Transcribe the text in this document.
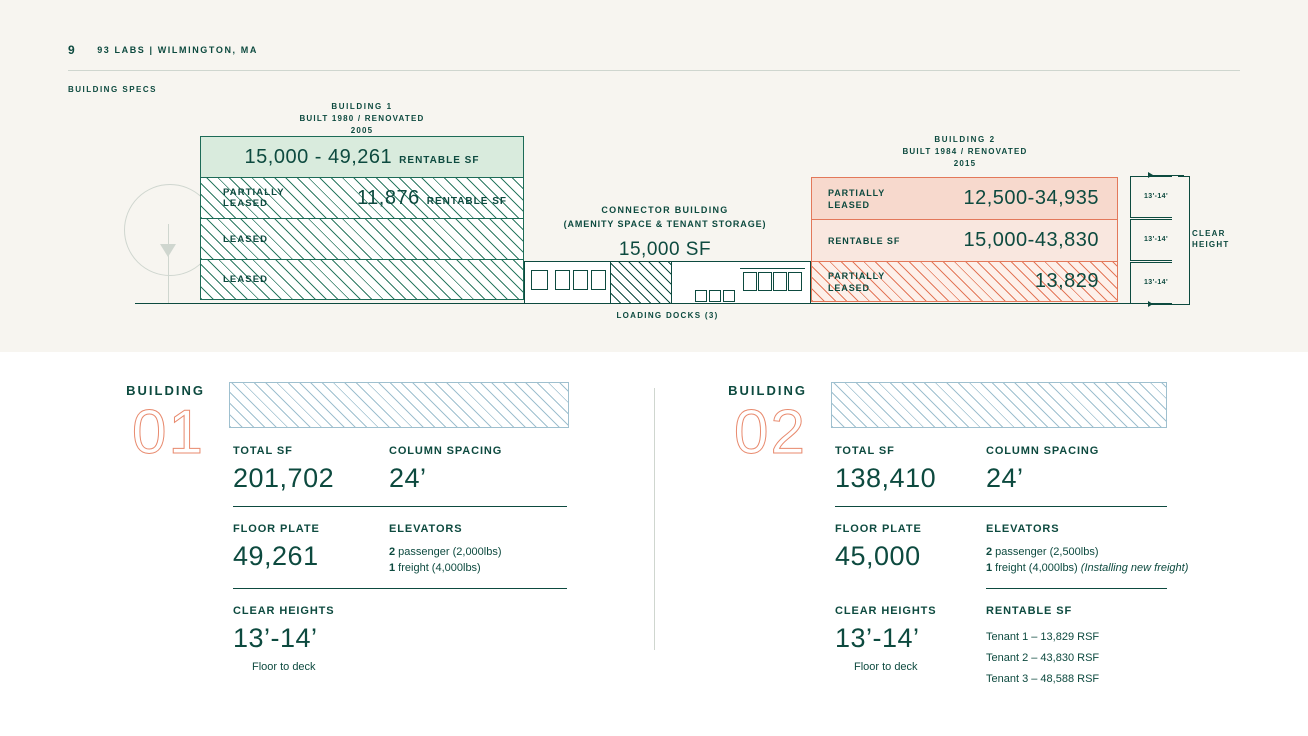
9 93 LABS | WILMINGTON, MA
BUILDING SPECS
BUILDING 1
BUILT 1980 / RENOVATED 2005
BUILDING 2
BUILT 1984 / RENOVATED 2015
15,000 - 49,261 RENTABLE SF
PARTIALLY LEASED	11,876 RENTABLE SF
LEASED
LEASED
CONNECTOR BUILDING
(AMENITY SPACE & TENANT STORAGE)
15,000 SF
LOADING DOCKS (3)
PARTIALLY LEASED	12,500-34,935
RENTABLE SF	15,000-43,830
PARTIALLY LEASED	13,829
13'-14'
13'-14'
13'-14'
CLEAR
HEIGHT
BUILDING
01	TOTAL SF
201,702
COLUMN SPACING
24’
FLOOR PLATE
49,261
ELEVATORS
2 passenger (2,000lbs)
1 freight (4,000lbs)
CLEAR HEIGHTS
13’-14’
Floor to deck
BUILDING
02	TOTAL SF
138,410
COLUMN SPACING
24’
FLOOR PLATE
45,000
ELEVATORS
2 passenger (2,500lbs)
1 freight (4,000lbs) (Installing new freight)
CLEAR HEIGHTS
13’-14’
Floor to deck
RENTABLE SF
Tenant 1 – 13,829 RSF
Tenant 2 – 43,830 RSF
Tenant 3 – 48,588 RSF
